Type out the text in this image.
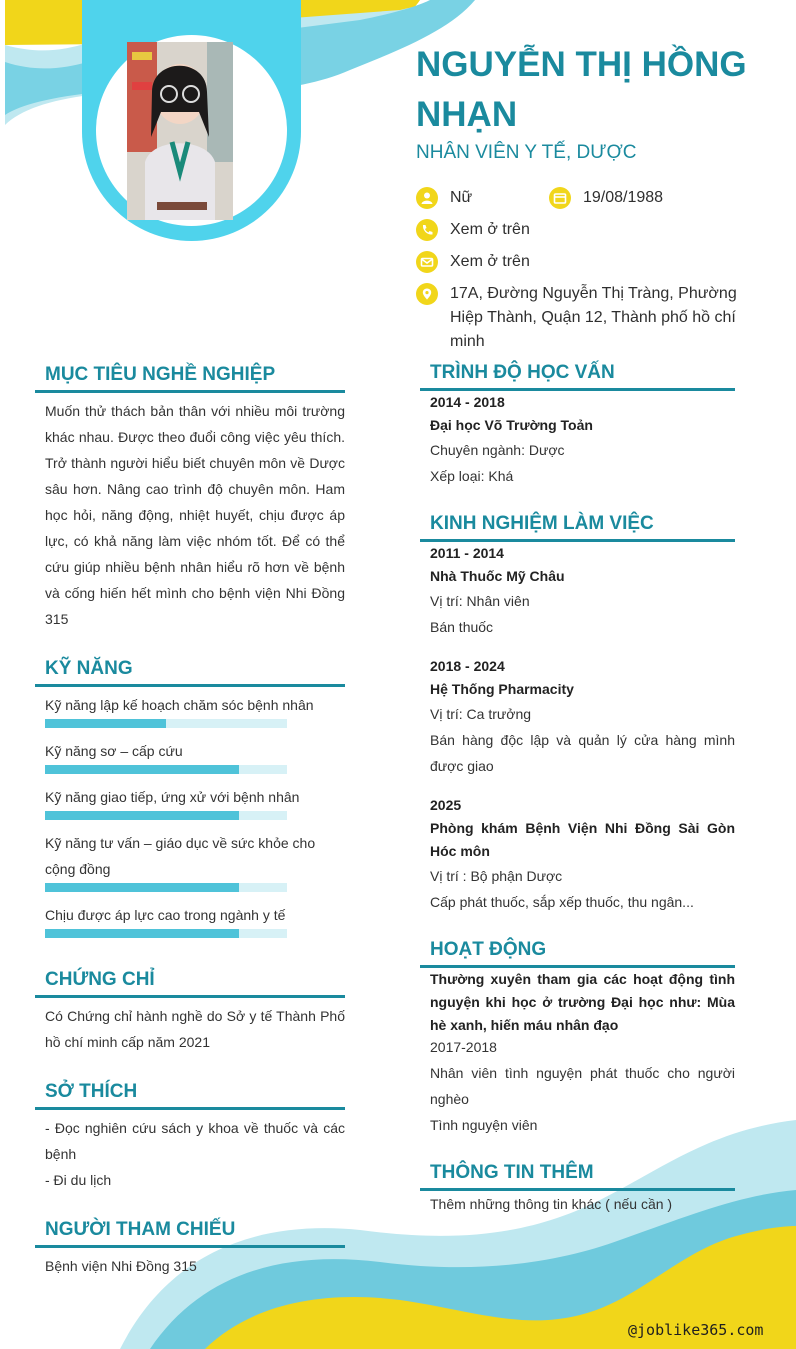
NGUYỄN THỊ HỒNG NHẠN
NHÂN VIÊN Y TẾ, DƯỢC
Nữ	19/08/1988
Xem ở trên
Xem ở trên
17A, Đường Nguyễn Thị Tràng, Phường Hiệp Thành, Quận 12, Thành phố hồ chí minh
MỤC TIÊU NGHỀ NGHIỆP
Muốn thử thách bản thân với nhiều môi trường khác nhau. Được theo đuổi công việc yêu thích. Trở thành người hiểu biết chuyên môn về Dược sâu hơn. Nâng cao trình độ chuyên môn. Ham học hỏi, năng động, nhiệt huyết, chịu được áp lực, có khả năng làm việc nhóm tốt. Để có thể cứu giúp nhiều bệnh nhân hiểu rõ hơn về bệnh và cống hiến hết mình cho bệnh viện Nhi Đồng 315
KỸ NĂNG
Kỹ năng lập kế hoạch chăm sóc bệnh nhân
Kỹ năng sơ – cấp cứu
Kỹ năng giao tiếp, ứng xử với bệnh nhân
Kỹ năng tư vấn – giáo dục về sức khỏe cho cộng đồng
Chịu được áp lực cao trong ngành y tế
CHỨNG CHỈ
Có Chứng chỉ hành nghề do Sở y tế Thành Phố hồ chí minh cấp năm 2021
SỞ THÍCH
- Đọc nghiên cứu sách y khoa về thuốc và các bệnh
- Đi du lịch
NGƯỜI THAM CHIẾU
Bệnh viện Nhi Đồng 315
TRÌNH ĐỘ HỌC VẤN
2014 - 2018
Đại học Võ Trường Toản
Chuyên ngành: Dược
Xếp loại: Khá
KINH NGHIỆM LÀM VIỆC
2011 - 2014
Nhà Thuốc Mỹ Châu
Vị trí: Nhân viên
Bán thuốc
2018 - 2024
Hệ Thống Pharmacity
Vị trí: Ca trưởng
Bán hàng độc lập và quản lý cửa hàng mình được giao
2025
Phòng khám Bệnh Viện Nhi Đồng Sài Gòn Hóc môn
Vị trí : Bộ phận Dược
Cấp phát thuốc, sắp xếp thuốc, thu ngân...
HOẠT ĐỘNG
Thường xuyên tham gia các hoạt động tình nguyện khi học ở trường Đại học như: Mùa hè xanh, hiến máu nhân đạo
2017-2018
Nhân viên tình nguyện phát thuốc cho người nghèo
Tình nguyện viên
THÔNG TIN THÊM
Thêm những thông tin khác ( nếu cần )
@joblike365.com
